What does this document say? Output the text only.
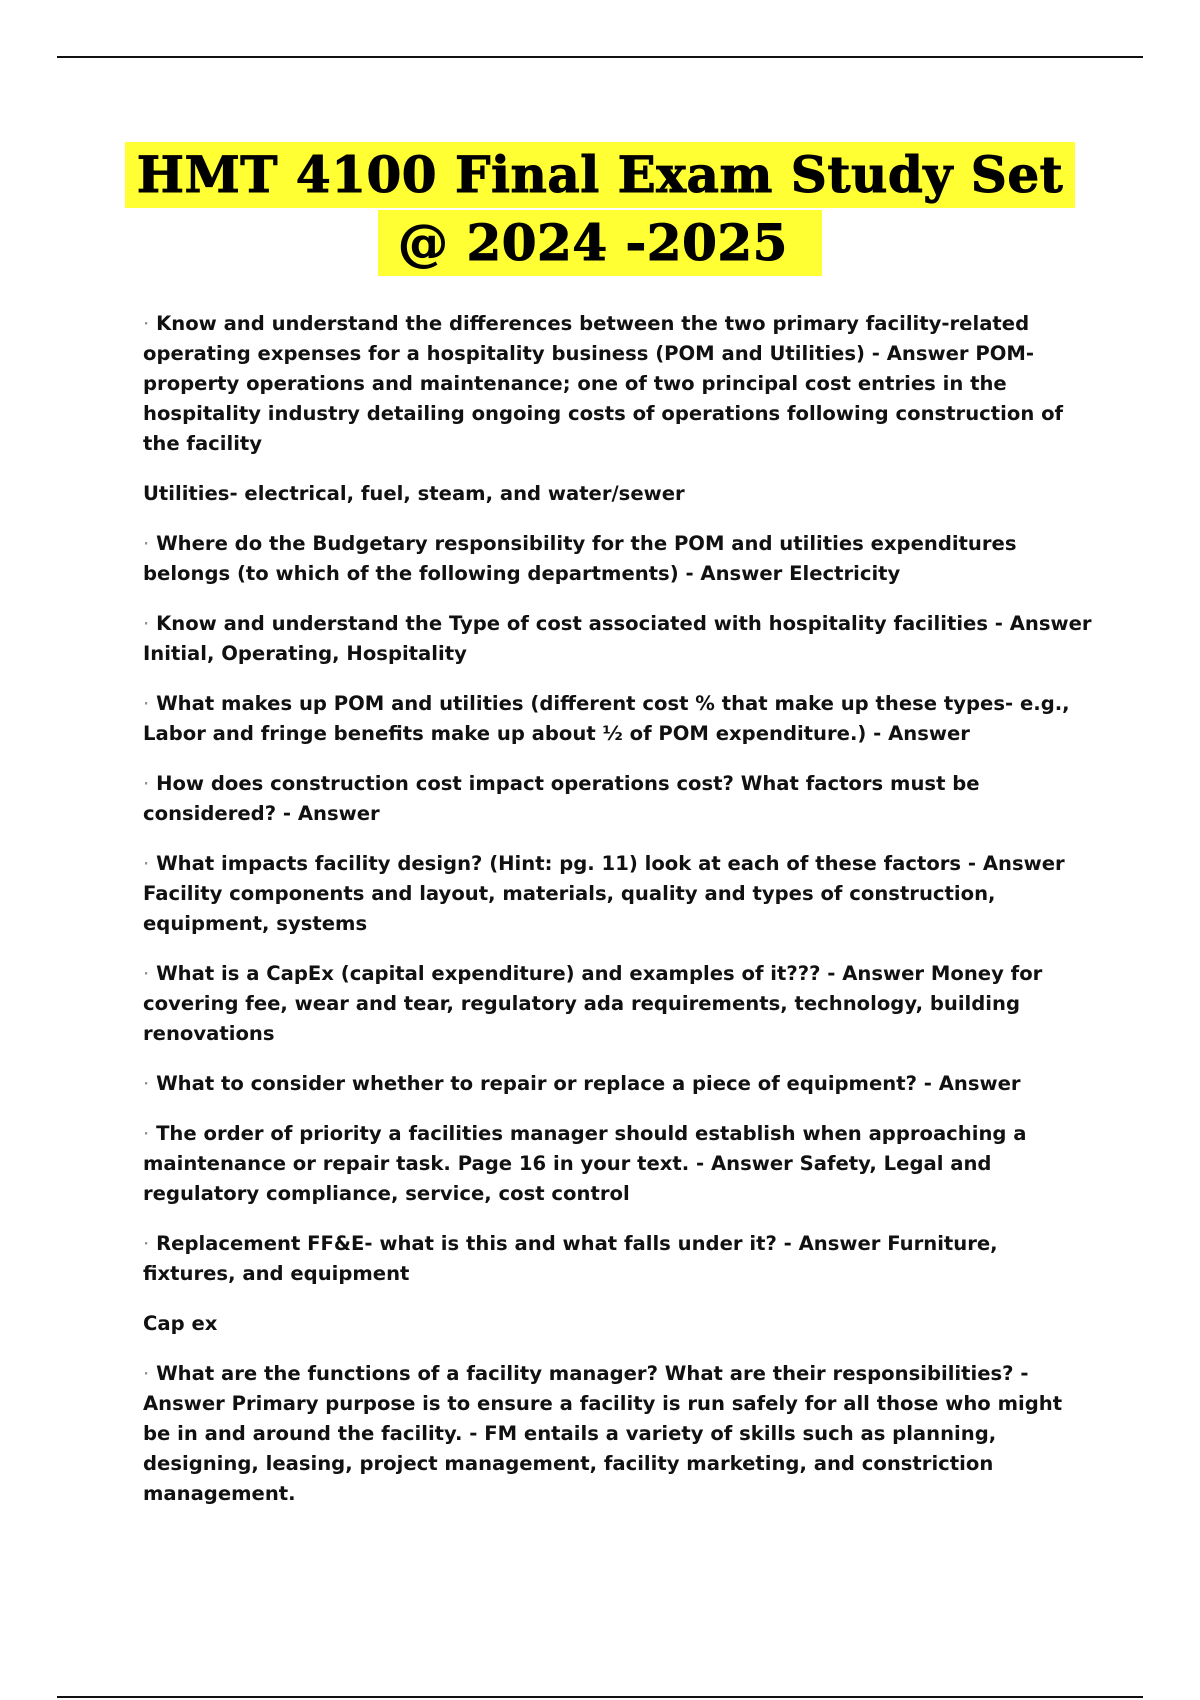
HMT 4100 Final Exam Study Set
@ 2024 -2025

· Know and understand the differences between the two primary facility-related operating expenses for a hospitality business (POM and Utilities) - Answer POM- property operations and maintenance; one of two principal cost entries in the hospitality industry detailing ongoing costs of operations following construction of the facility

Utilities- electrical, fuel, steam, and water/sewer

· Where do the Budgetary responsibility for the POM and utilities expenditures belongs (to which of the following departments) - Answer Electricity

· Know and understand the Type of cost associated with hospitality facilities - Answer Initial, Operating, Hospitality

· What makes up POM and utilities (different cost % that make up these types- e.g., Labor and fringe benefits make up about ½ of POM expenditure.) - Answer

· How does construction cost impact operations cost? What factors must be considered? - Answer

· What impacts facility design? (Hint: pg. 11) look at each of these factors - Answer Facility components and layout, materials, quality and types of construction, equipment, systems

· What is a CapEx (capital expenditure) and examples of it??? - Answer Money for covering fee, wear and tear, regulatory ada requirements, technology, building renovations

· What to consider whether to repair or replace a piece of equipment? - Answer

· The order of priority a facilities manager should establish when approaching a maintenance or repair task. Page 16 in your text. - Answer Safety, Legal and regulatory compliance, service, cost control

· Replacement FF&E- what is this and what falls under it? - Answer Furniture, fixtures, and equipment

Cap ex

· What are the functions of a facility manager? What are their responsibilities? - Answer Primary purpose is to ensure a facility is run safely for all those who might be in and around the facility. - FM entails a variety of skills such as planning, designing, leasing, project management, facility marketing, and constriction management.
